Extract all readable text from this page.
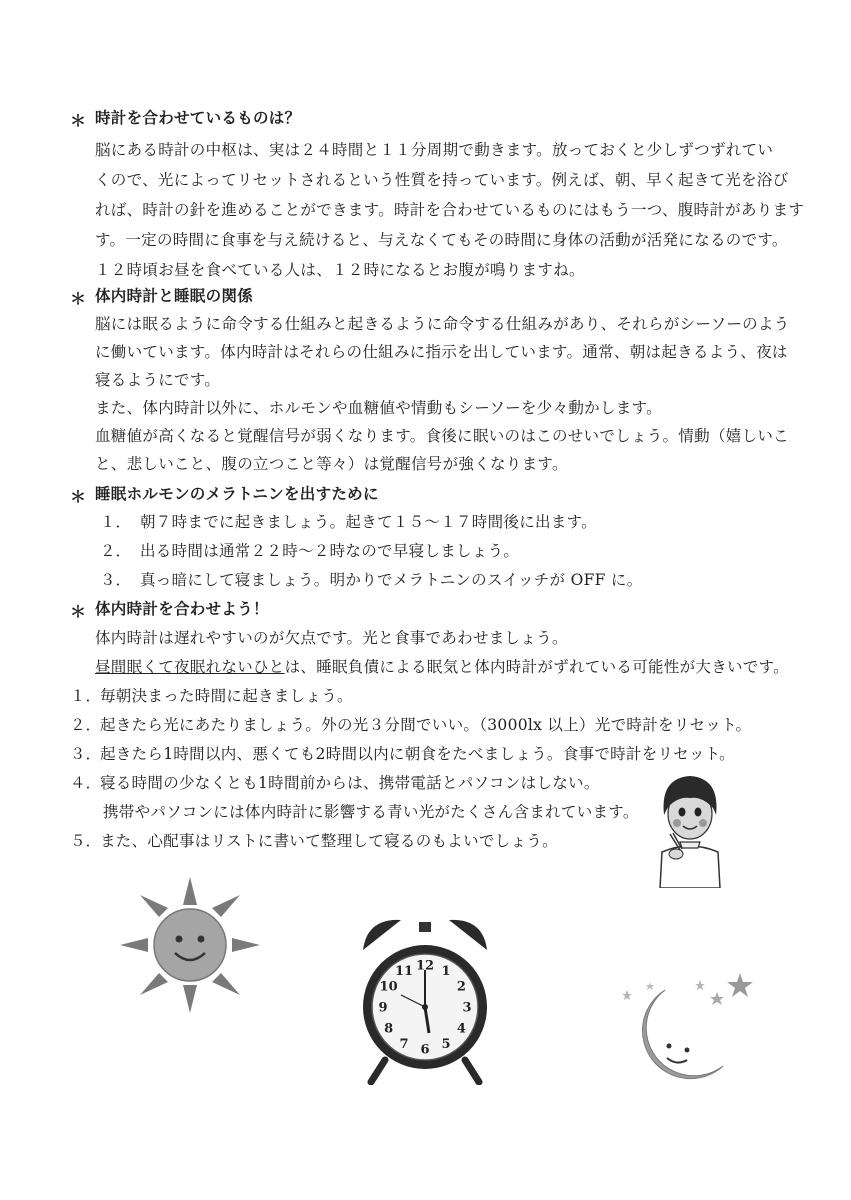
＊ 時計を合わせているものは？
脳にある時計の中枢は、実は２４時間と１１分周期で動きます。放っておくと少しずつずれてい
くので、光によってリセットされるという性質を持っています。例えば、朝、早く起きて光を浴び
れば、時計の針を進めることができます。時計を合わせているものにはもう一つ、腹時計があります
す。一定の時間に食事を与え続けると、与えなくてもその時間に身体の活動が活発になるのです。
１２時頃お昼を食べている人は、１２時になるとお腹が鳴りますね。
＊ 体内時計と睡眠の関係
脳には眠るように命令する仕組みと起きるように命令する仕組みがあり、それらがシーソーのよう
に働いています。体内時計はそれらの仕組みに指示を出しています。通常、朝は起きるよう、夜は
寝るようにです。
また、体内時計以外に、ホルモンや血糖値や情動もシーソーを少々動かします。
血糖値が高くなると覚醒信号が弱くなります。食後に眠いのはこのせいでしょう。情動（嬉しいこ
と、悲しいこと、腹の立つこと等々）は覚醒信号が強くなります。
＊ 睡眠ホルモンのメラトニンを出すために
１． 朝７時までに起きましょう。起きて１５～１７時間後に出ます。
２． 出る時間は通常２２時～２時なので早寝しましょう。
３． 真っ暗にして寝ましょう。明かりでメラトニンのスイッチが OFF に。
＊ 体内時計を合わせよう！
体内時計は遅れやすいのが欠点です。光と食事であわせましょう。
昼間眠くて夜眠れないひとは、睡眠負債による眠気と体内時計がずれている可能性が大きいです。
１．
毎朝決まった時間に起きましょう。
２．
起きたら光にあたりましょう。外の光３分間でいい。（3000lx 以上）光で時計をリセット。
３．
起きたら1時間以内、悪くても2時間以内に朝食をたべましょう。食事で時計をリセット。
４．
寝る時間の少なくとも1時間前からは、携帯電話とパソコンはしない。
携帯やパソコンには体内時計に影響する青い光がたくさん含まれています。
５．
また、心配事はリストに書いて整理して寝るのもよいでしょう。
12 1
2
3
4
5
6
7
8
9
10
11
